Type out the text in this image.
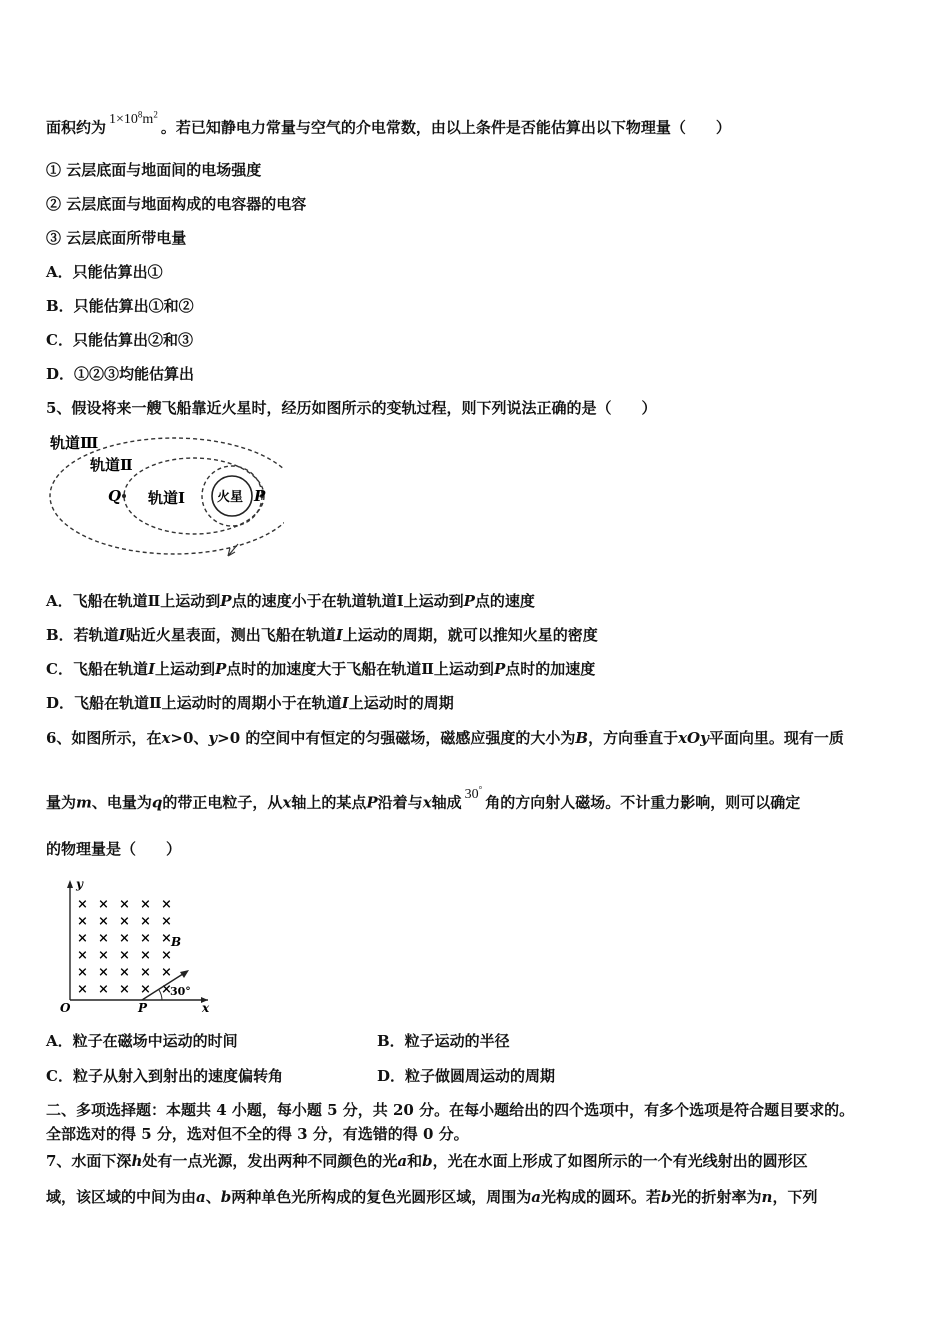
面积约为 $1\times 10^8m^2$。若已知静电力常量与空气的介电常数，由以上条件是否能估算出以下物理量（　　）
① 云层底面与地面间的电场强度
② 云层底面与地面构成的电容器的电容
③ 云层底面所带电量
A．只能估算出①
B．只能估算出①和②
C．只能估算出②和③
D．①②③均能估算出
5、假设将来一艘飞船靠近火星时，经历如图所示的变轨过程，则下列说法正确的是（　　）
轨道Ⅲ
轨道Ⅱ
轨道Ⅰ 火星
Q	P
A．飞船在轨道Ⅱ上运动到P点的速度小于在轨道轨道Ⅰ上运动到P点的速度
B．若轨道I贴近火星表面，测出飞船在轨道I上运动的周期，就可以推知火星的密度
C．飞船在轨道I上运动到P点时的加速度大于飞船在轨道Ⅱ上运动到P点时的加速度
D．飞船在轨道Ⅱ上运动时的周期小于在轨道I上运动时的周期
6、如图所示，在x>0、y>0 的空间中有恒定的匀强磁场，磁感应强度的大小为B，方向垂直于xOy平面向里。现有一质
量为m、电量为q的带正电粒子，从x轴上的某点P沿着与x轴成 30°角的方向射人磁场。不计重力影响，则可以确定
的物理量是（　　）
× × × × ×
× × × × ×
× × × × ×
× × × × ×
× × × × ×
× × × × ×
y
x
O	P
B
30°
A．粒子在磁场中运动的时间	B．粒子运动的半径
C．粒子从射入到射出的速度偏转角	D．粒子做圆周运动的周期
二、多项选择题：本题共 4 小题，每小题 5 分，共 20 分。在每小题给出的四个选项中，有多个选项是符合题目要求的。
全部选对的得 5 分，选对但不全的得 3 分，有选错的得 0 分。
7、水面下深h处有一点光源，发出两种不同颜色的光a和b，光在水面上形成了如图所示的一个有光线射出的圆形区
域，该区域的中间为由a、b两种单色光所构成的复色光圆形区域，周围为a光构成的圆环。若b光的折射率为n，下列
